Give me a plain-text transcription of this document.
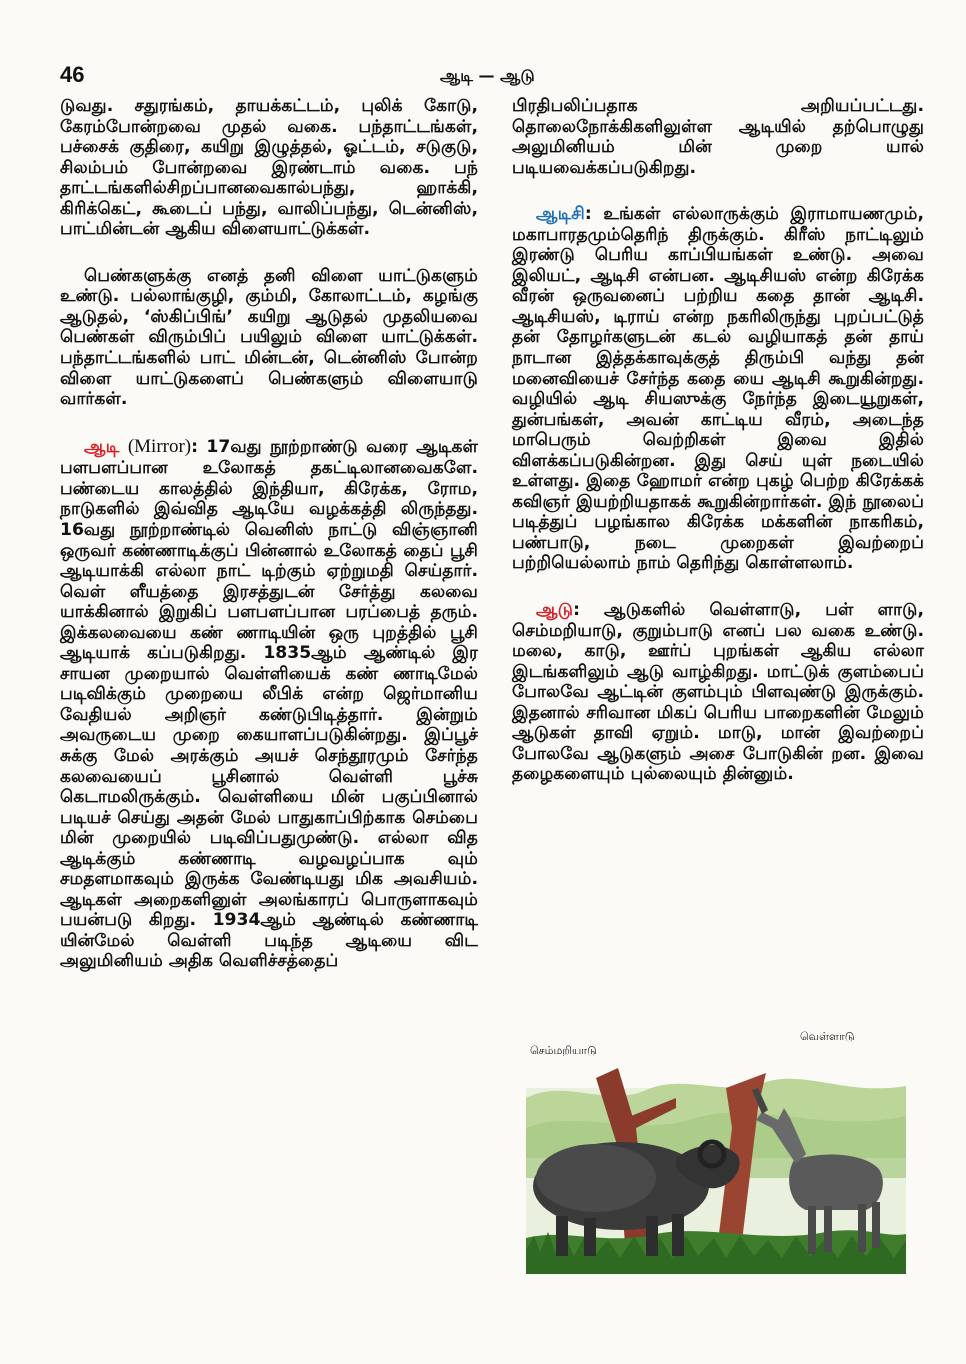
46	ஆடி — ஆடு

டுவது. சதுரங்கம், தாயக்கட்டம், புலிக் கோடு, கேரம்போன்றவை முதல் வகை. பந்தாட்டங்கள், பச்சைக் குதிரை, கயிறு இழுத்தல், ஓட்டம், சடுகுடு, சிலம்பம் போன்றவை இரண்டாம் வகை. பந் தாட்டங்களில்சிறப்பானவைகால்பந்து, ஹாக்கி, கிரிக்கெட், கூடைப் பந்து, வாலிப்பந்து, டென்னிஸ், பாட்மின்டன் ஆகிய விளையாட்டுக்கள்.

பெண்களுக்கு எனத் தனி விளை யாட்டுகளும் உண்டு. பல்லாங்குழி, கும்மி, கோலாட்டம், கழங்கு ஆடுதல், ‘ஸ்கிப்பிங்’ கயிறு ஆடுதல் முதலியவை பெண்கள் விரும்பிப் பயிலும் விளை யாட்டுக்கள். பந்தாட்டங்களில் பாட் மின்டன், டென்னிஸ் போன்ற விளை யாட்டுகளைப் பெண்களும் விளையாடு வார்கள்.

ஆடி (Mirror): 17வது நூற்றாண்டு வரை ஆடிகள் பளபளப்பான உலோகத் தகட்டிலானவைகளே. பண்டைய காலத்தில் இந்தியா, கிரேக்க, ரோம, நாடுகளில் இவ்வித ஆடியே வழக்கத்தி லிருந்தது. 16வது நூற்றாண்டில் வெனிஸ் நாட்டு விஞ்ஞானி ஒருவர் கண்ணாடிக்குப் பின்னால் உலோகத் தைப் பூசி ஆடியாக்கி எல்லா நாட் டிற்கும் ஏற்றுமதி செய்தார். வெள் ளீயத்தை இரசத்துடன் சேர்த்து கலவை யாக்கினால் இறுகிப் பளபளப்பான பரப்பைத் தரும். இக்கலவையை கண் ணாடியின் ஒரு புறத்தில் பூசி ஆடியாக் கப்படுகிறது. 1835ஆம் ஆண்டில் இர சாயன முறையால் வெள்ளியைக் கண் ணாடிமேல் படிவிக்கும் முறையை லீபிக் என்ற ஜெர்மானிய வேதியல் அறிஞர் கண்டுபிடித்தார். இன்றும் அவருடைய முறை கையாளப்படுகின்றது. இப்பூச் சுக்கு மேல் அரக்கும் அயச் செந்தூரமும் சேர்ந்த கலவையைப் பூசினால் வெள்ளி பூச்சு கெடாமலிருக்கும். வெள்ளியை மின் பகுப்பினால் படியச் செய்து அதன் மேல் பாதுகாப்பிற்காக செம்பை மின் முறையில் படிவிப்பதுமுண்டு. எல்லா வித ஆடிக்கும் கண்ணாடி வழவழப்பாக வும் சமதளமாகவும் இருக்க வேண்டியது மிக அவசியம். ஆடிகள் அறைகளினுள் அலங்காரப் பொருளாகவும் பயன்படு கிறது. 1934ஆம் ஆண்டில் கண்ணாடி யின்மேல் வெள்ளி படிந்த ஆடியை விட அலுமினியம் அதிக வெளிச்சத்தைப்

பிரதிபலிப்பதாக அறியப்பட்டது. தொலைநோக்கிகளிலுள்ள ஆடியில் தற்பொழுது அலுமினியம் மின் முறை யால் படியவைக்கப்படுகிறது.

ஆடிசி: உங்கள் எல்லாருக்கும் இராமாயணமும், மகாபாரதமும்தெரிந் திருக்கும். கிரீஸ் நாட்டிலும் இரண்டு பெரிய காப்பியங்கள் உண்டு. அவை இலியட், ஆடிசி என்பன. ஆடிசியஸ் என்ற கிரேக்க வீரன் ஒருவனைப் பற்றிய கதை தான் ஆடிசி. ஆடிசியஸ், டிராய் என்ற நகரிலிருந்து புறப்பட்டுத் தன் தோழர்களுடன் கடல் வழியாகத் தன் தாய் நாடான இத்தக்காவுக்குத் திரும்பி வந்து தன் மனைவியைச் சேர்ந்த கதை யை ஆடிசி கூறுகின்றது. வழியில் ஆடி சியஸுக்கு நேர்ந்த இடையூறுகள், துன்பங்கள், அவன் காட்டிய வீரம், அடைந்த மாபெரும் வெற்றிகள் இவை இதில் விளக்கப்படுகின்றன. இது செய் யுள் நடையில் உள்ளது. இதை ஹோமர் என்ற புகழ் பெற்ற கிரேக்கக் கவிஞர் இயற்றியதாகக் கூறுகின்றார்கள். இந் நூலைப் படித்துப் பழங்கால கிரேக்க மக்களின் நாகரிகம், பண்பாடு, நடை முறைகள் இவற்றைப் பற்றியெல்லாம் நாம் தெரிந்து கொள்ளலாம்.

ஆடு: ஆடுகளில் வெள்ளாடு, பள் ளாடு, செம்மறியாடு, குறும்பாடு எனப் பல வகை உண்டு. மலை, காடு, ஊர்ப் புறங்கள் ஆகிய எல்லா இடங்களிலும் ஆடு வாழ்கிறது. மாட்டுக் குளம்பைப் போலவே ஆட்டின் குளம்பும் பிளவுண்டு இருக்கும். இதனால் சரிவான மிகப் பெரிய பாறைகளின் மேலும் ஆடுகள் தாவி ஏறும். மாடு, மான் இவற்றைப் போலவே ஆடுகளும் அசை போடுகின் றன. இவை தழைகளையும் புல்லையும் தின்னும்.

வெள்ளாடு
செம்மறியாடு
